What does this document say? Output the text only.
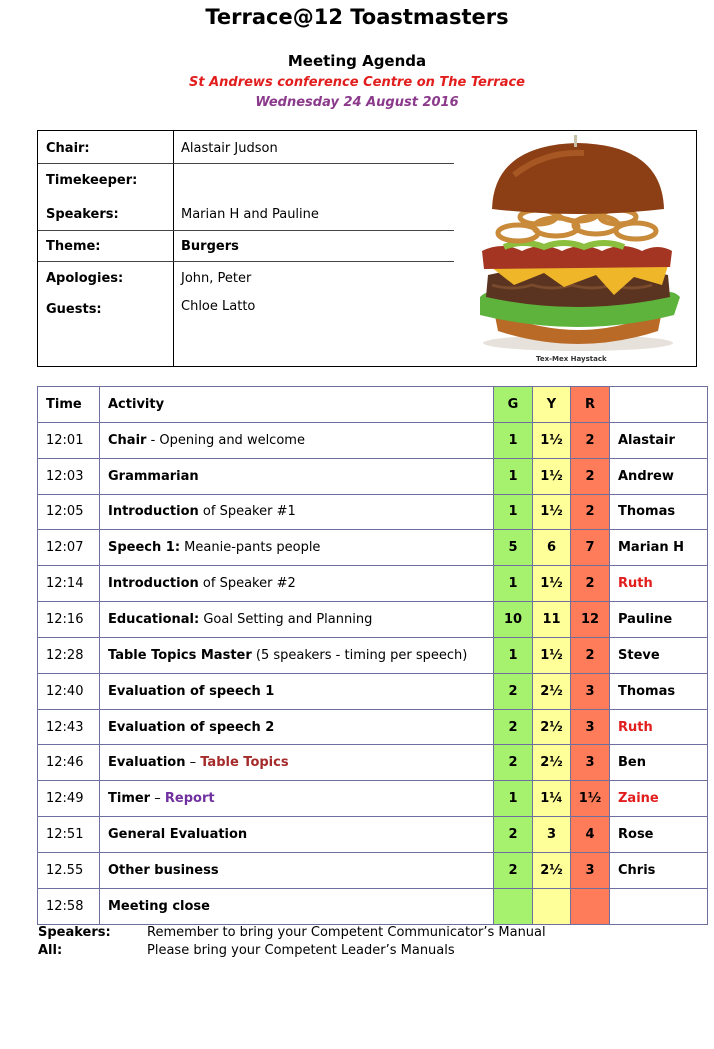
Terrace@12 Toastmasters
Meeting Agenda
St Andrews conference Centre on The Terrace
Wednesday 24 August 2016
Chair:	Alastair Judson
Timekeeper:
Speakers:	Marian H and Pauline
Theme:	Burgers
Apologies:	John, Peter
Guests:	Chloe Latto
Tex-Mex Haystack
Time	Activity	G	Y	R	
12:01	Chair - Opening and welcome	1	1½	2	Alastair
12:03	Grammarian	1	1½	2	Andrew
12:05	Introduction of Speaker #1	1	1½	2	Thomas
12:07	Speech 1: Meanie-pants people	5	6	7	Marian H
12:14	Introduction of Speaker #2	1	1½	2	Ruth
12:16	Educational: Goal Setting and Planning	10	11	12	Pauline
12:28	Table Topics Master (5 speakers - timing per speech)	1	1½	2	Steve
12:40	Evaluation of speech 1	2	2½	3	Thomas
12:43	Evaluation of speech 2	2	2½	3	Ruth
12:46	Evaluation – Table Topics	2	2½	3	Ben
12:49	Timer – Report	1	1¼	1½	Zaine
12:51	General Evaluation	2	3	4	Rose
12.55	Other business	2	2½	3	Chris
12:58	Meeting close				
Speakers:	Remember to bring your Competent Communicator’s Manual
All:	Please bring your Competent Leader’s Manuals
